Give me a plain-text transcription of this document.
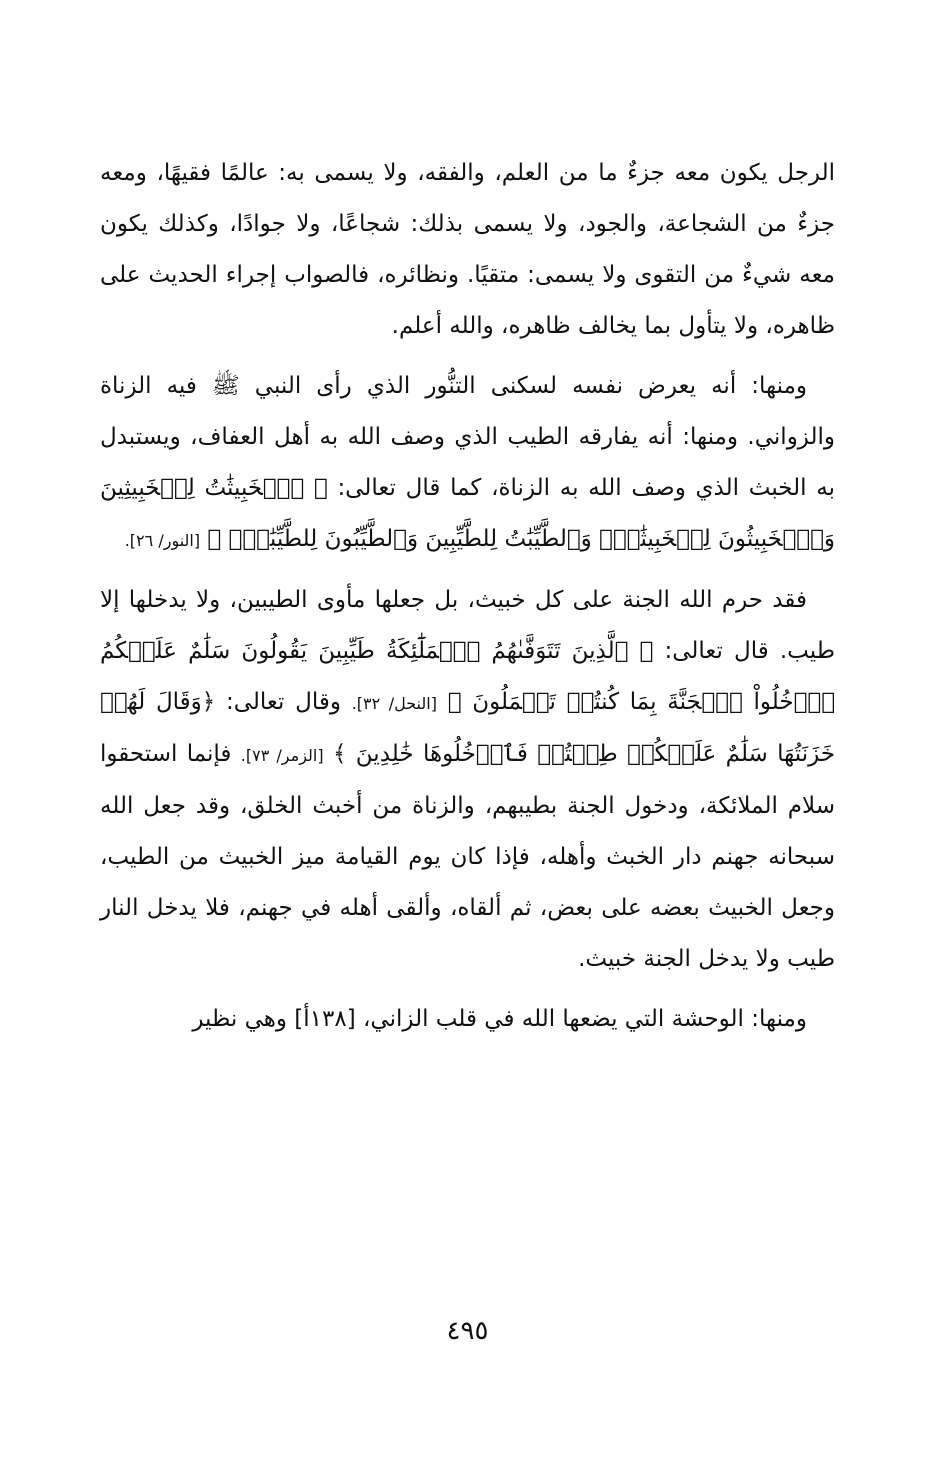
الرجل يكون معه جزءٌ ما من العلم، والفقه، ولا يسمى به: عالمًا فقيهًا، ومعه جزءٌ من الشجاعة، والجود، ولا يسمى بذلك: شجاعًا، ولا جوادًا، وكذلك يكون معه شيءٌ من التقوى ولا يسمى: متقيًا. ونظائره، فالصواب إجراء الحديث على ظاهره، ولا يتأول بما يخالف ظاهره، والله أعلم.

ومنها: أنه يعرض نفسه لسكنى التنُّور الذي رأى النبي ﷺ فيه الزناة والزواني. ومنها: أنه يفارقه الطيب الذي وصف الله به أهل العفاف، ويستبدل به الخبث الذي وصف الله به الزناة، كما قال تعالى: ﴿ ٱلۡخَبِيثَٰتُ لِلۡخَبِيثِينَ وَٱلۡخَبِيثُونَ لِلۡخَبِيثَٰتِۖ وَٱلطَّيِّبَٰتُ لِلطَّيِّبِينَ وَٱلطَّيِّبُونَ لِلطَّيِّبَٰتِۚ ﴾ [النور/ ٢٦].

فقد حرم الله الجنة على كل خبيث، بل جعلها مأوى الطيبين، ولا يدخلها إلا طيب. قال تعالى: ﴿ ٱلَّذِينَ تَتَوَفَّىٰهُمُ ٱلۡمَلَٰٓئِكَةُ طَيِّبِينَ يَقُولُونَ سَلَٰمٌ عَلَيۡكُمُ ٱدۡخُلُواْ ٱلۡجَنَّةَ بِمَا كُنتُمۡ تَعۡمَلُونَ ﴾ [النحل/ ٣٢]. وقال تعالى: ﴿وَقَالَ لَهُمۡ خَزَنَتُهَا سَلَٰمٌ عَلَيۡكُمۡ طِبۡتُمۡ فَٱدۡخُلُوهَا خَٰلِدِينَ ﴾ [الزمر/ ٧٣]. فإنما استحقوا سلام الملائكة، ودخول الجنة بطيبهم، والزناة من أخبث الخلق، وقد جعل الله سبحانه جهنم دار الخبث وأهله، فإذا كان يوم القيامة ميز الخبيث من الطيب، وجعل الخبيث بعضه على بعض، ثم ألقاه، وألقى أهله في جهنم، فلا يدخل النار طيب ولا يدخل الجنة خبيث.

ومنها: الوحشة التي يضعها الله في قلب الزاني، [١٣٨أ] وهي نظير

٤٩٥
